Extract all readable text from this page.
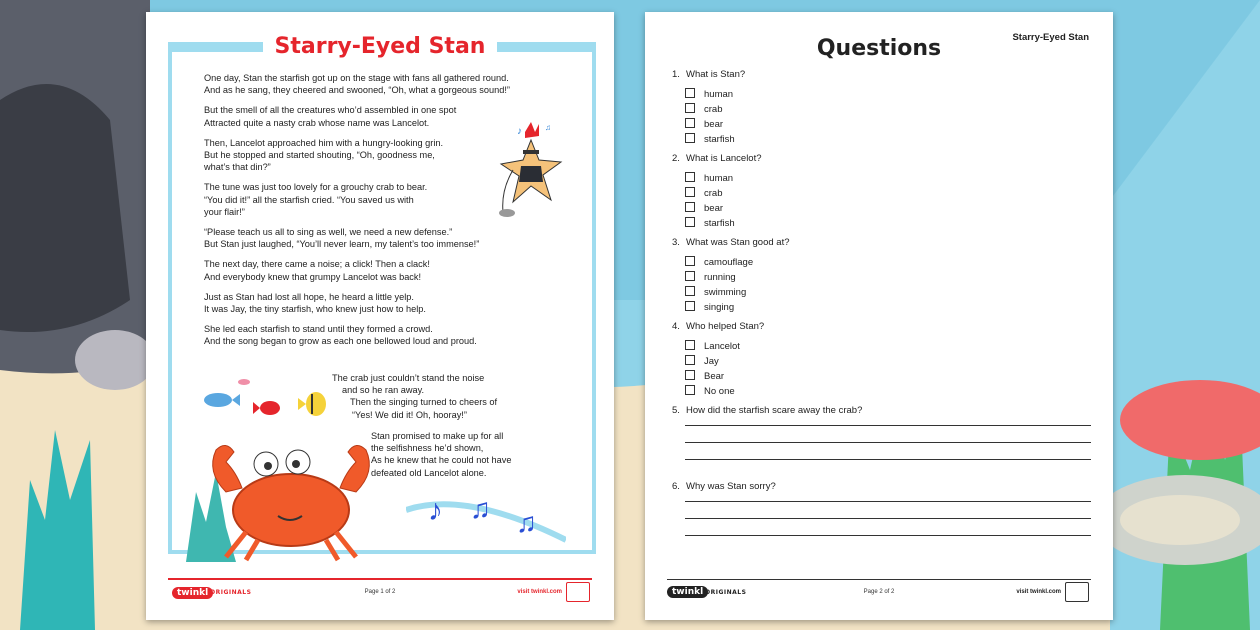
Starry-Eyed Stan

One day, Stan the starfish got up on the stage with fans all gathered round.
And as he sang, they cheered and swooned, “Oh, what a gorgeous sound!”

But the smell of all the creatures who’d assembled in one spot
Attracted quite a nasty crab whose name was Lancelot.

Then, Lancelot approached him with a hungry-looking grin.
But he stopped and started shouting, “Oh, goodness me,
what’s that din?”

The tune was just too lovely for a grouchy crab to bear.
“You did it!” all the starfish cried. “You saved us with
your flair!”

“Please teach us all to sing as well, we need a new defense.”
But Stan just laughed, “You’ll never learn, my talent’s too immense!”

The next day, there came a noise; a click! Then a clack!
And everybody knew that grumpy Lancelot was back!

Just as Stan had lost all hope, he heard a little yelp.
It was Jay, the tiny starfish, who knew just how to help.

She led each starfish to stand until they formed a crowd.
And the song began to grow as each one bellowed loud and proud.

♪	♫
The crab just couldn’t stand the noise
and so he ran away.
Then the singing turned to cheers of
“Yes! We did it! Oh, hooray!”
Stan promised to make up for all
the selfishness he’d shown,
As he knew that he could not have
defeated old Lancelot alone.
♪ ♫ ♫
twinkl ORIGINALS	Page 1 of 2	visit twinkl.com
Questions	Starry-Eyed Stan
1. What is Stan?
human
crab
bear
starfish
2. What is Lancelot?
human
crab
bear
starfish
3. What was Stan good at?
camouflage
running
swimming
singing
4. Who helped Stan?
Lancelot
Jay
Bear
No one
5. How did the starfish scare away the crab?
6. Why was Stan sorry?
twinkl ORIGINALS	Page 2 of 2	visit twinkl.com
